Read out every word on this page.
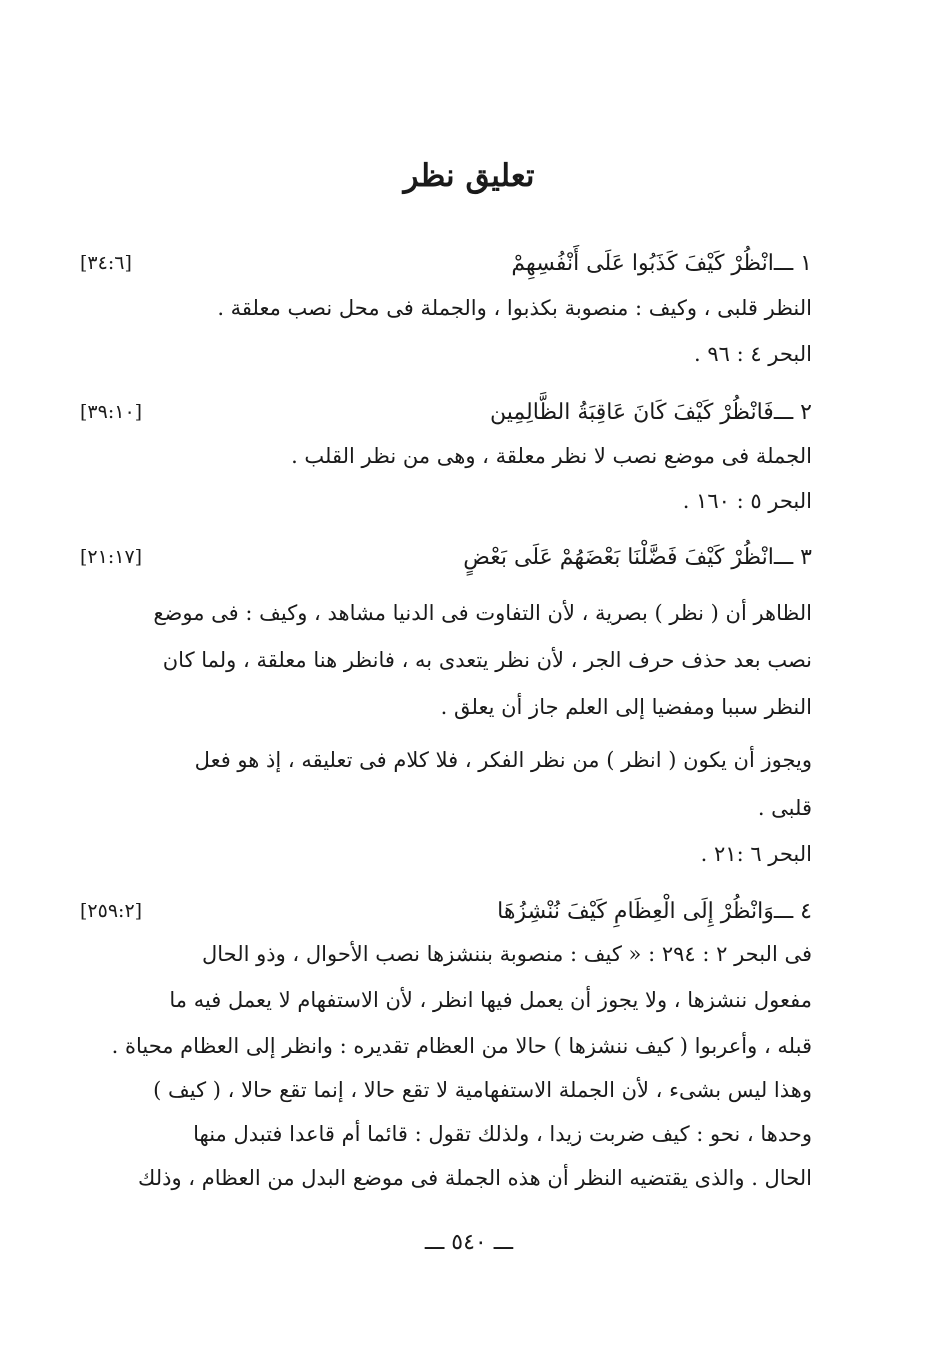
تعليق نظر
١ ـــ
انْظُرْ كَيْفَ كَذَبُوا عَلَى أَنْفُسِهِمْ
[٣٤:٦]
النظر قلبى ، وكيف : منصوبة بكذبوا ، والجملة فى محل نصب معلقة .
البحر ٤ : ٩٦ .
٢ ـــ
فَانْظُرْ كَيْفَ كَانَ عَاقِبَةُ الظَّالِمِين
[٣٩:١٠]
الجملة فى موضع نصب لا نظر معلقة ، وهى من نظر القلب .
البحر ٥ : ١٦٠ .
٣ ـــ
انْظُرْ كَيْفَ فَضَّلْنَا بَعْضَهُمْ عَلَى بَعْضٍ
[٢١:١٧]
الظاهر أن ( نظر ) بصرية ، لأن التفاوت فى الدنيا مشاهد ، وكيف : فى موضع
نصب بعد حذف حرف الجر ، لأن نظر يتعدى به ، فانظر هنا معلقة ، ولما كان
النظر سببا ومفضيا إلى العلم جاز أن يعلق .
ويجوز أن يكون ( انظر ) من نظر الفكر ، فلا كلام فى تعليقه ، إذ هو فعل
قلبى .
البحر ٦ :٢١ .
٤ ـــ
وَانْظُرْ إِلَى الْعِظَامِ كَيْفَ نُنْشِزُهَا
[٢٥٩:٢]
فى البحر ٢ : ٢٩٤ : « كيف : منصوبة بننشزها نصب الأحوال ، وذو الحال
مفعول ننشزها ، ولا يجوز أن يعمل فيها انظر ، لأن الاستفهام لا يعمل فيه ما
قبله ، وأعربوا ( كيف ننشزها ) حالا من العظام تقديره : وانظر إلى العظام محياة .
وهذا ليس بشىء ، لأن الجملة الاستفهامية لا تقع حالا ، إنما تقع حالا ، ( كيف )
وحدها ، نحو : كيف ضربت زيدا ، ولذلك تقول : قائما أم قاعدا فتبدل منها
الحال . والذى يقتضيه النظر أن هذه الجملة فى موضع البدل من العظام ، وذلك
ـــ ٥٤٠ ـــ
